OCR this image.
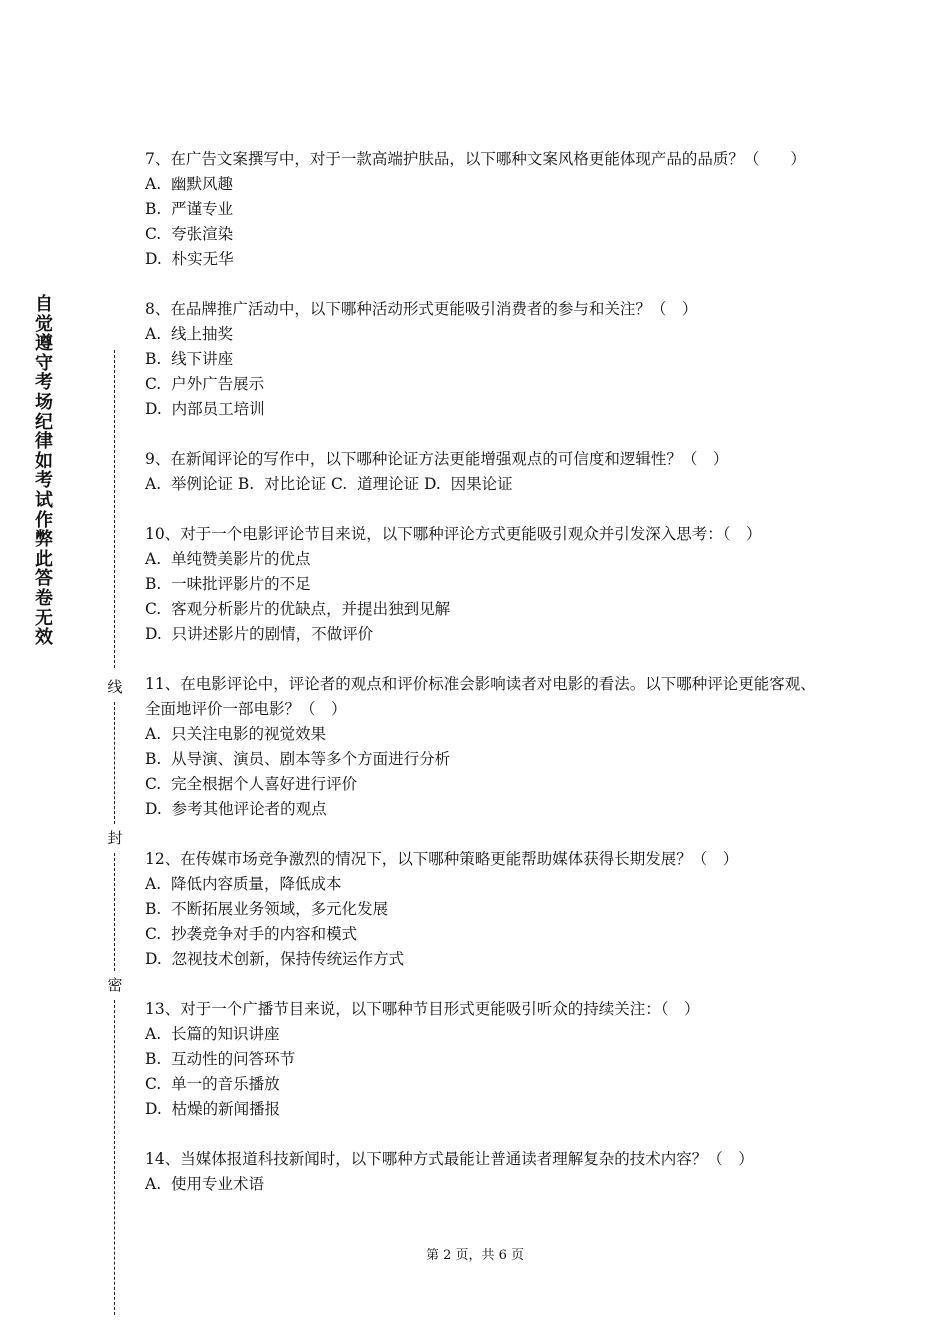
自觉遵守考场纪律如考试作弊此答卷无效
线
封
密

7、在广告文案撰写中，对于一款高端护肤品，以下哪种文案风格更能体现产品的品质？（　　）

A.  幽默风趣

B.  严谨专业

C.  夸张渲染

D.  朴实无华

8、在品牌推广活动中，以下哪种活动形式更能吸引消费者的参与和关注？（　）

A.  线上抽奖

B.  线下讲座

C.  户外广告展示

D.  内部员工培训

9、在新闻评论的写作中，以下哪种论证方法更能增强观点的可信度和逻辑性？（　）

A.  举例论证 B.  对比论证 C.  道理论证 D.  因果论证

10、对于一个电影评论节目来说，以下哪种评论方式更能吸引观众并引发深入思考：（　）

A.  单纯赞美影片的优点

B.  一味批评影片的不足

C.  客观分析影片的优缺点，并提出独到见解

D.  只讲述影片的剧情，不做评价

11、在电影评论中，评论者的观点和评价标准会影响读者对电影的看法。以下哪种评论更能客观、全面地评价一部电影？（　）

A.  只关注电影的视觉效果

B.  从导演、演员、剧本等多个方面进行分析

C.  完全根据个人喜好进行评价

D.  参考其他评论者的观点

12、在传媒市场竞争激烈的情况下，以下哪种策略更能帮助媒体获得长期发展？（　）

A.  降低内容质量，降低成本

B.  不断拓展业务领域，多元化发展

C.  抄袭竞争对手的内容和模式

D.  忽视技术创新，保持传统运作方式

13、对于一个广播节目来说，以下哪种节目形式更能吸引听众的持续关注：（　）

A.  长篇的知识讲座

B.  互动性的问答环节

C.  单一的音乐播放

D.  枯燥的新闻播报

14、当媒体报道科技新闻时，以下哪种方式最能让普通读者理解复杂的技术内容？（　）

A.  使用专业术语

第 2 页，共 6 页
